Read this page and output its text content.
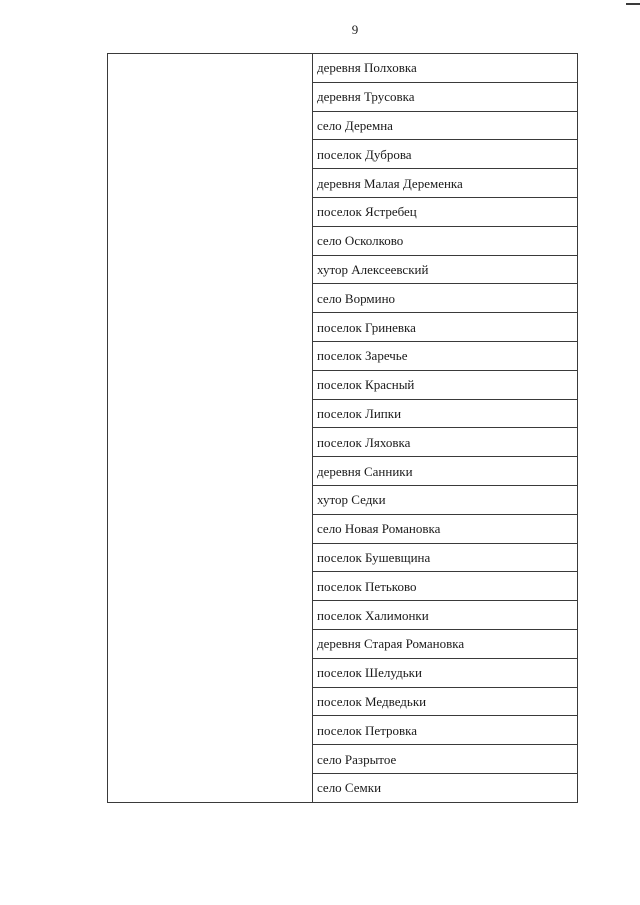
9
	деревня Полховка
деревня Трусовка
село Деремна
поселок Дуброва
деревня Малая Деременка
поселок Ястребец
село Осколково
хутор Алексеевский
село Вормино
поселок Гриневка
поселок Заречье
поселок Красный
поселок Липки
поселок Ляховка
деревня Санники
хутор Седки
село Новая Романовка
поселок Бушевщина
поселок Петьково
поселок Халимонки
деревня Старая Романовка
поселок Шелудьки
поселок Медведьки
поселок Петровка
село Разрытое
село Семки
